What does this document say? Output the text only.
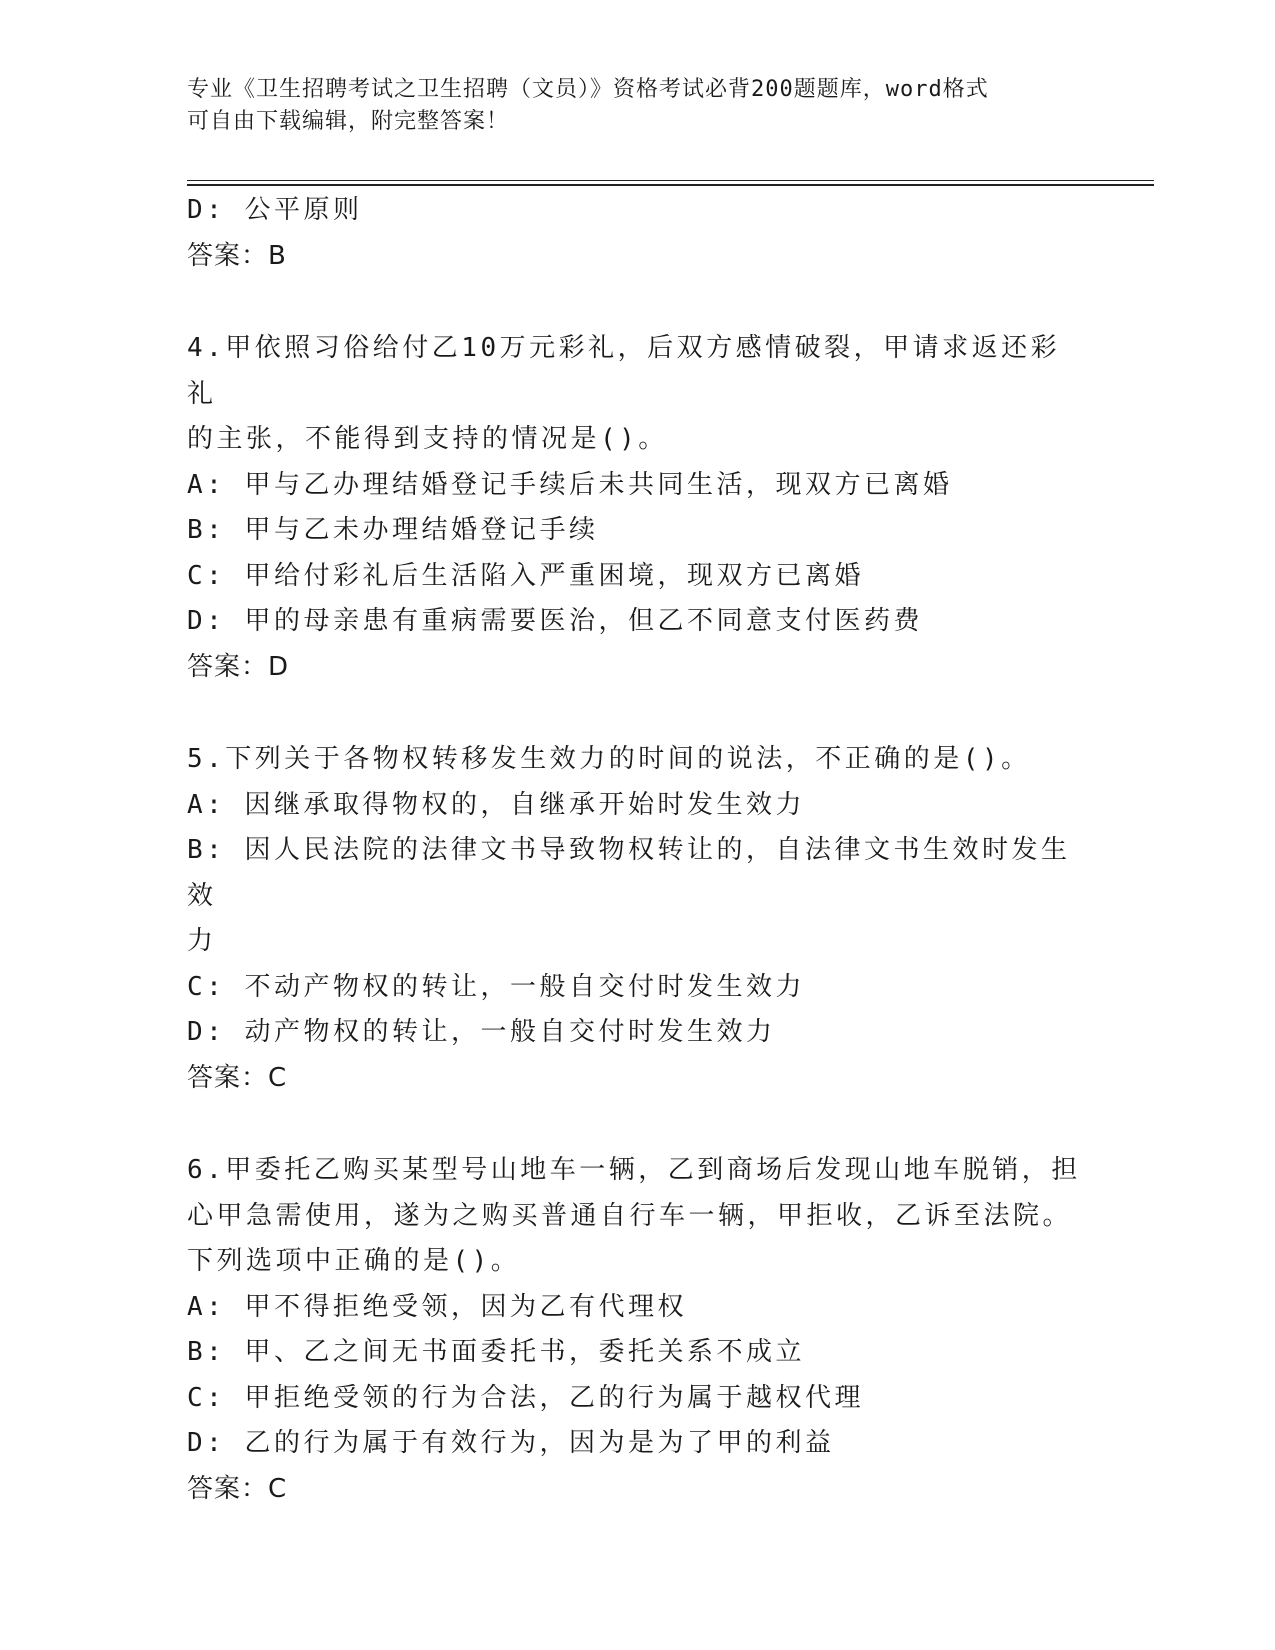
专业《卫生招聘考试之卫生招聘（文员）》资格考试必背200题题库，word格式
可自由下载编辑，附完整答案！
D: 公平原则
答案：B
4.甲依照习俗给付乙10万元彩礼，后双方感情破裂，甲请求返还彩礼
的主张，不能得到支持的情况是()。
A: 甲与乙办理结婚登记手续后未共同生活，现双方已离婚
B: 甲与乙未办理结婚登记手续
C: 甲给付彩礼后生活陷入严重困境，现双方已离婚
D: 甲的母亲患有重病需要医治，但乙不同意支付医药费
答案：D
5.下列关于各物权转移发生效力的时间的说法，不正确的是()。
A: 因继承取得物权的，自继承开始时发生效力
B: 因人民法院的法律文书导致物权转让的，自法律文书生效时发生效
力
C: 不动产物权的转让，一般自交付时发生效力
D: 动产物权的转让，一般自交付时发生效力
答案：C
6.甲委托乙购买某型号山地车一辆，乙到商场后发现山地车脱销，担
心甲急需使用，遂为之购买普通自行车一辆，甲拒收，乙诉至法院。
下列选项中正确的是()。
A: 甲不得拒绝受领，因为乙有代理权
B: 甲、乙之间无书面委托书，委托关系不成立
C: 甲拒绝受领的行为合法，乙的行为属于越权代理
D: 乙的行为属于有效行为，因为是为了甲的利益
答案：C
